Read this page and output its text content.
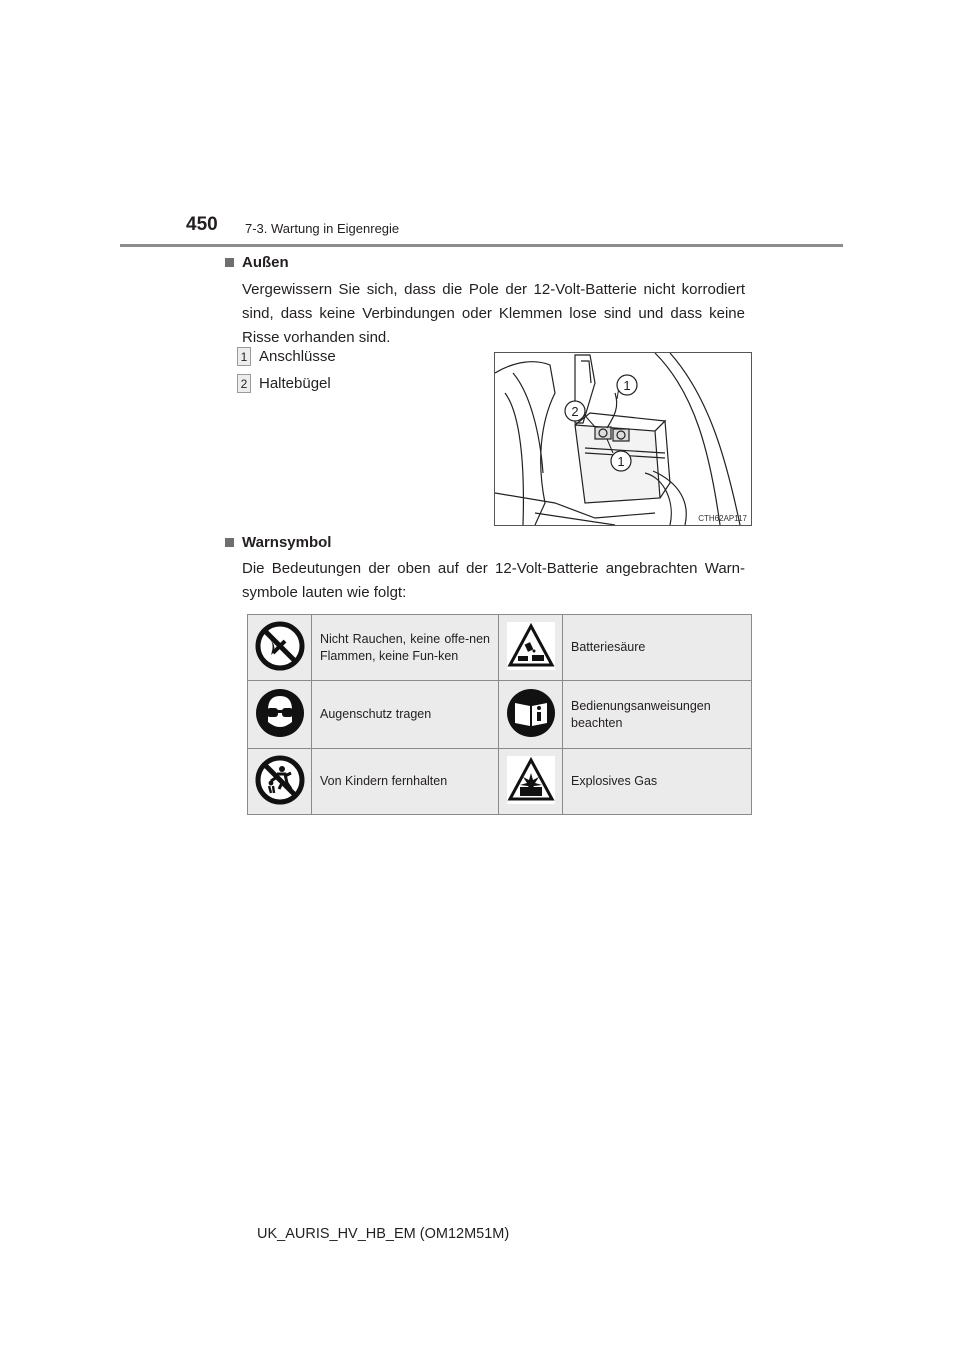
450 7-3. Wartung in Eigenregie
Außen
Vergewissern Sie sich, dass die Pole der 12-Volt-Batterie nicht korrodiert sind, dass keine Verbindungen oder Klemmen lose sind und dass keine Risse vorhanden sind.
1 Anschlüsse
2 Haltebügel	1
2
1
CTH62AP117
Warnsymbol
Die Bedeutungen der oben auf der 12-Volt-Batterie angebrachten Warn-symbole lauten wie folgt:
	Nicht Rauchen, keine offe-nen Flammen, keine Fun-ken		Batteriesäure
	Augenschutz tragen		Bedienungsanweisungen beachten
	Von Kindern fernhalten		Explosives Gas
UK_AURIS_HV_HB_EM (OM12M51M)
